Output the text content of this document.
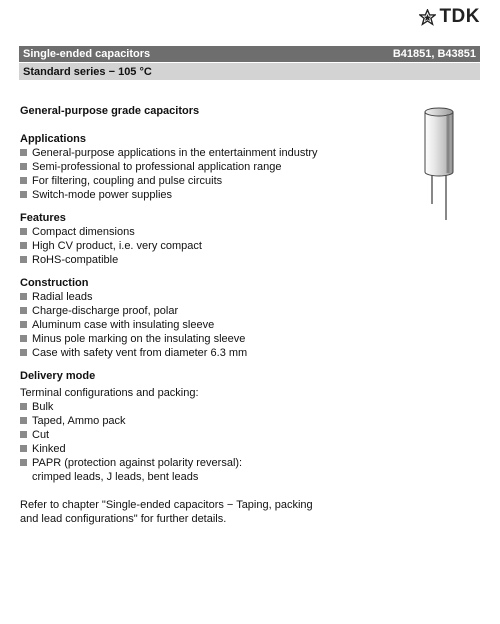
TDK
Single-ended capacitors	B41851, B43851
Standard series − 105 °C
General-purpose grade capacitors
Applications
General-purpose applications in the entertainment industry
Semi-professional to professional application range
For filtering, coupling and pulse circuits
Switch-mode power supplies
Features
Compact dimensions
High CV product, i.e. very compact
RoHS-compatible
Construction
Radial leads
Charge-discharge proof, polar
Aluminum case with insulating sleeve
Minus pole marking on the insulating sleeve
Case with safety vent from diameter 6.3 mm
Delivery mode
Terminal configurations and packing:
Bulk
Taped, Ammo pack
Cut
Kinked
PAPR (protection against polarity reversal):
crimped leads, J leads, bent leads
Refer to chapter "Single-ended capacitors − Taping, packing
and lead configurations" for further details.
